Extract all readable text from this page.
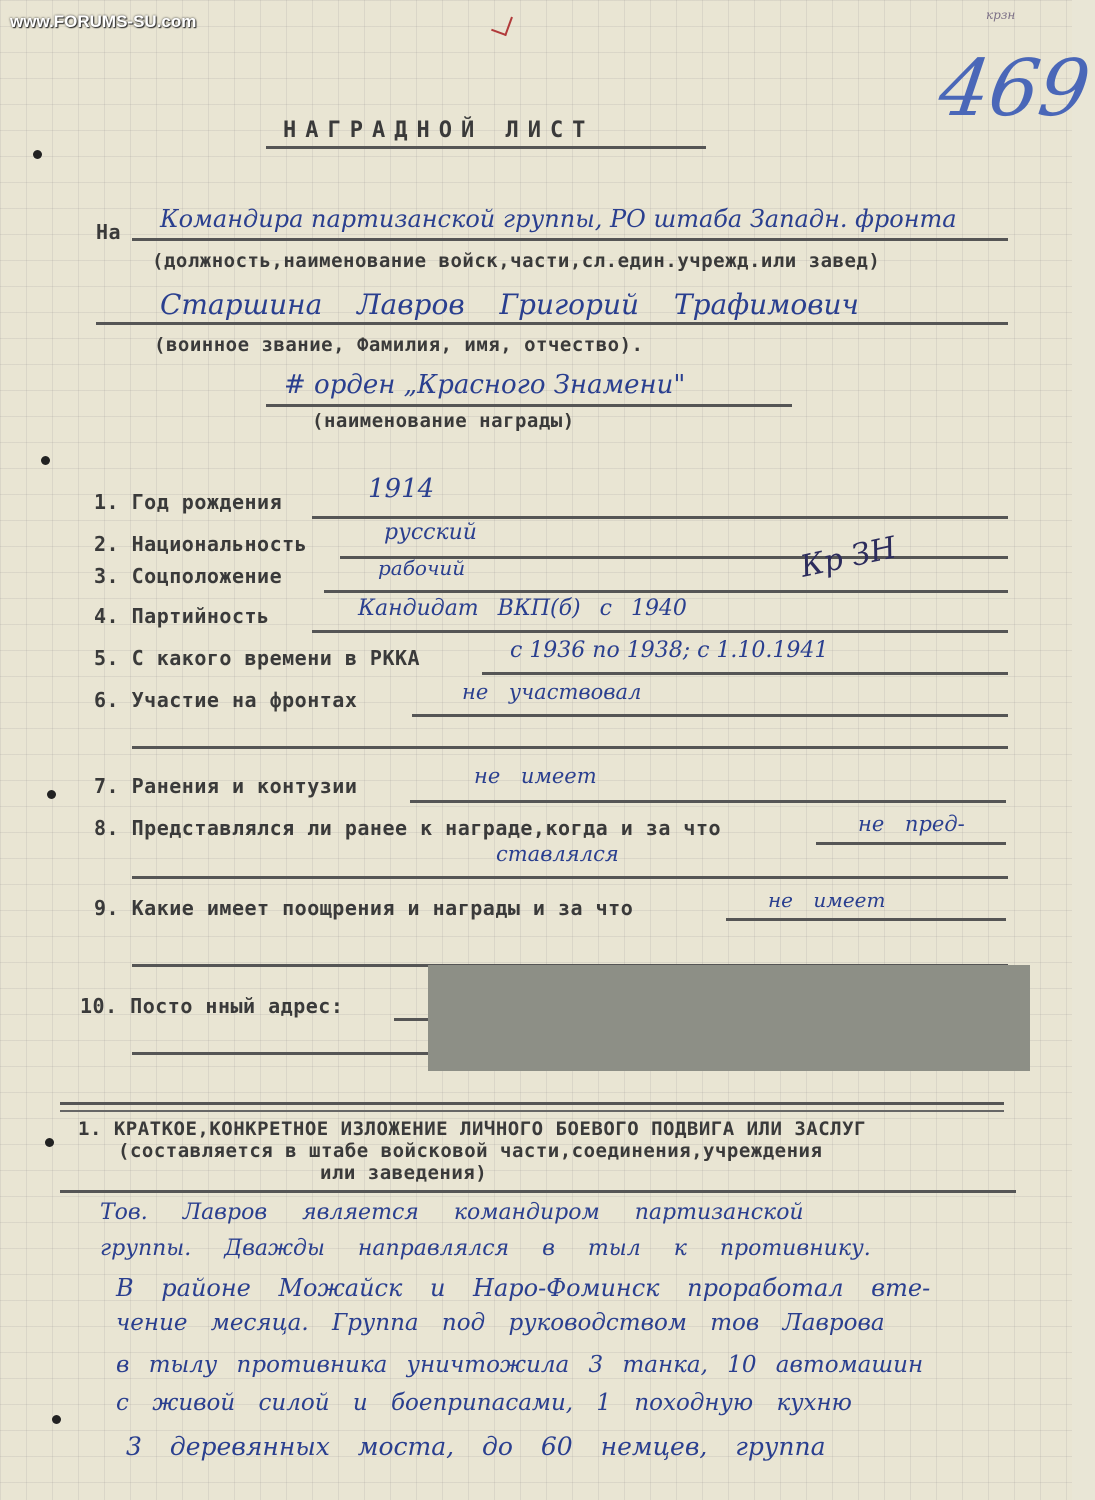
www.FORUMS-SU.com	крзн
469
НАГРАДНОЙ ЛИСТ
На Командира партизанской группы, РО штаба Западн. фронта
(должность,наименование войск,части,сл.един.учрежд.или завед)
Старшина Лавров Григорий Трафимович
(воинное звание, Фамилия, имя, отчество).
# орден „Красного Знамени"
(наименование награды)
1. Год рождения	1914
2. Национальность	русский
3. Соцположение	рабочий	Кр ЗН
4. Партийность	Кандидат ВКП(б) с 1940
5. С какого времени в РККА	с 1936 по 1938; с 1.10.1941
6. Участие на фронтах	не участвовал
7. Ранения и контузии	не имеет
8. Представлялся ли ранее к награде,когда и за что	не пред-
ставлялся
9. Какие имеет поощрения и награды и за что	не имеет
10. Посто нный адрес:
1. КРАТКОЕ,КОНКРЕТНОЕ ИЗЛОЖЕНИЕ ЛИЧНОГО БОЕВОГО ПОДВИГА ИЛИ ЗАСЛУГ
(составляется в штабе войсковой части,соединения,учреждения
или заведения)
Тов. Лавров является командиром партизанской
группы. Дважды направлялся в тыл к противнику.
В районе Можайск и Наро-Фоминск проработал вте-
чение месяца. Группа под руководством тов Лаврова
в тылу противника уничтожила 3 танка, 10 автомашин
с живой силой и боеприпасами, 1 походную кухню
3 деревянных моста, до 60 немцев, группа
